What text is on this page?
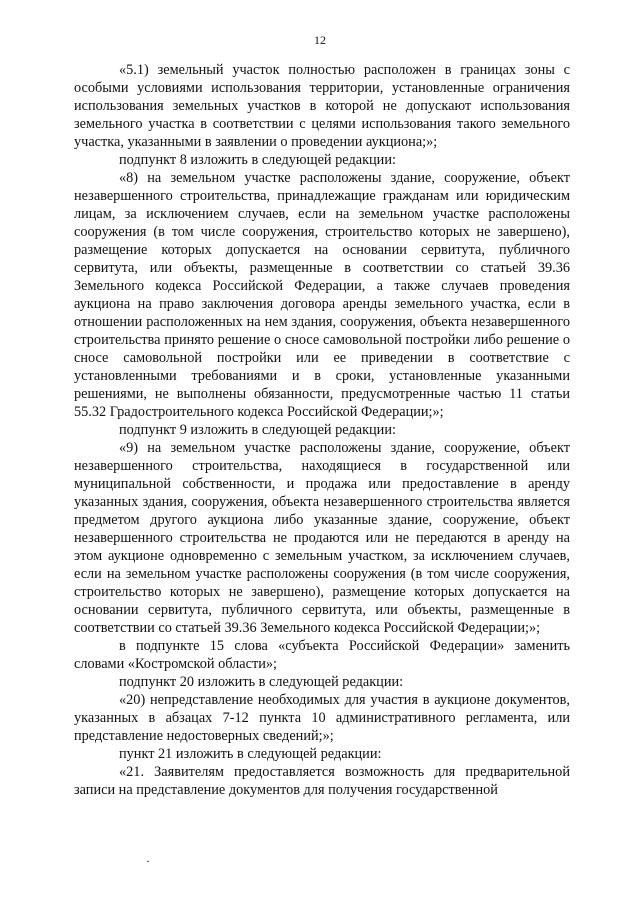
12

«5.1) земельный участок полностью расположен в границах зоны с особыми условиями использования территории, установленные ограничения использования земельных участков в которой не допускают использования земельного участка в соответствии с целями использования такого земельного участка, указанными в заявлении о проведении аукциона;»;

подпункт 8 изложить в следующей редакции:

«8) на земельном участке расположены здание, сооружение, объект незавершенного строительства, принадлежащие гражданам или юридическим лицам, за исключением случаев, если на земельном участке расположены сооружения (в том числе сооружения, строительство которых не завершено), размещение которых допускается на основании сервитута, публичного сервитута, или объекты, размещенные в соответствии со статьей 39.36 Земельного кодекса Российской Федерации, а также случаев проведения аукциона на право заключения договора аренды земельного участка, если в отношении расположенных на нем здания, сооружения, объекта незавершенного строительства принято решение о сносе самовольной постройки либо решение о сносе самовольной постройки или ее приведении в соответствие с установленными требованиями и в сроки, установленные указанными решениями, не выполнены обязанности, предусмотренные частью 11 статьи 55.32 Градостроительного кодекса Российской Федерации;»;

подпункт 9 изложить в следующей редакции:

«9) на земельном участке расположены здание, сооружение, объект незавершенного строительства, находящиеся в государственной или муниципальной собственности, и продажа или предоставление в аренду указанных здания, сооружения, объекта незавершенного строительства является предметом другого аукциона либо указанные здание, сооружение, объект незавершенного строительства не продаются или не передаются в аренду на этом аукционе одновременно с земельным участком, за исключением случаев, если на земельном участке расположены сооружения (в том числе сооружения, строительство которых не завершено), размещение которых допускается на основании сервитута, публичного сервитута, или объекты, размещенные в соответствии со статьей 39.36 Земельного кодекса Российской Федерации;»;

в подпункте 15 слова «субъекта Российской Федерации» заменить словами «Костромской области»;

подпункт 20 изложить в следующей редакции:

«20) непредставление необходимых для участия в аукционе документов, указанных в абзацах 7-12 пункта 10 административного регламента, или представление недостоверных сведений;»;

пункт 21 изложить в следующей редакции:

«21. Заявителям предоставляется возможность для предварительной записи на представление документов для получения государственной

·
